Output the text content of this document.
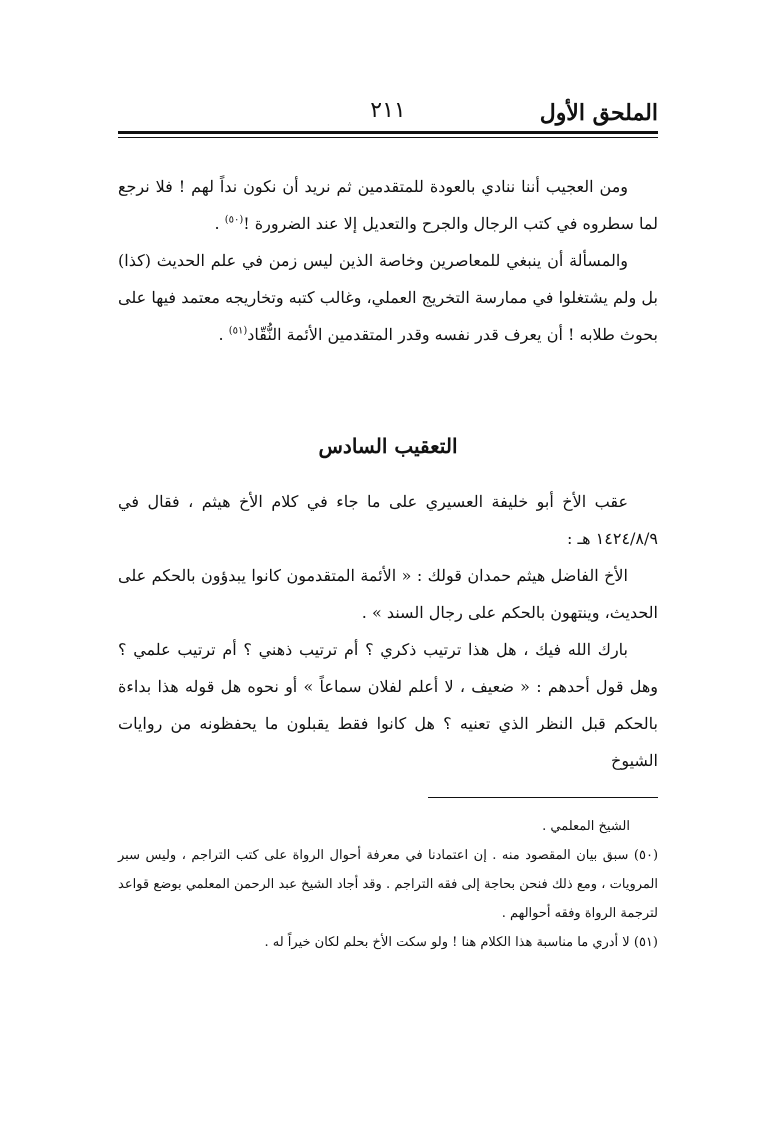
الملحق الأول
٢١١

ومن العجيب أننا ننادي بالعودة للمتقدمين ثم نريد أن نكون نداً لهم ! فلا نرجع لما سطروه في كتب الرجال والجرح والتعديل إلا عند الضرورة !$^{(٥٠)}$ .

والمسألة أن ينبغي للمعاصرين وخاصة الذين ليس زمن في علم الحديث (كذا) بل ولم يشتغلوا في ممارسة التخريج العملي، وغالب كتبه وتخاريجه معتمد فيها على بحوث طلابه ! أن يعرف قدر نفسه وقدر المتقدمين الأئمة النُّقّاد$^{(٥١)}$ .

التعقيب السادس

عقب الأخ أبو خليفة العسيري على ما جاء في كلام الأخ هيثم ، فقال في ١٤٢٤/٨/٩ هـ :

الأخ الفاضل هيثم حمدان قولك : « الأئمة المتقدمون كانوا يبدؤون بالحكم على الحديث، وينتهون بالحكم على رجال السند » .

بارك الله فيك ، هل هذا ترتيب ذكري ؟ أم ترتيب ذهني ؟ أم ترتيب علمي ؟ وهل قول أحدهم : « ضعيف ، لا أعلم لفلان سماعاً » أو نحوه هل قوله هذا بداءة بالحكم قبل النظر الذي تعنيه ؟ هل كانوا فقط يقبلون ما يحفظونه من روايات الشيوخ

الشيخ المعلمي .

(٥٠) سبق بيان المقصود منه . إن اعتمادنا في معرفة أحوال الرواة على كتب التراجم ، وليس سبر المرويات ، ومع ذلك فنحن بحاجة إلى فقه التراجم . وقد أجاد الشيخ عبد الرحمن المعلمي بوضع قواعد لترجمة الرواة وفقه أحوالهم .

(٥١) لا أدري ما مناسبة هذا الكلام هنا ! ولو سكت الأخ بحلم لكان خيراً له .
